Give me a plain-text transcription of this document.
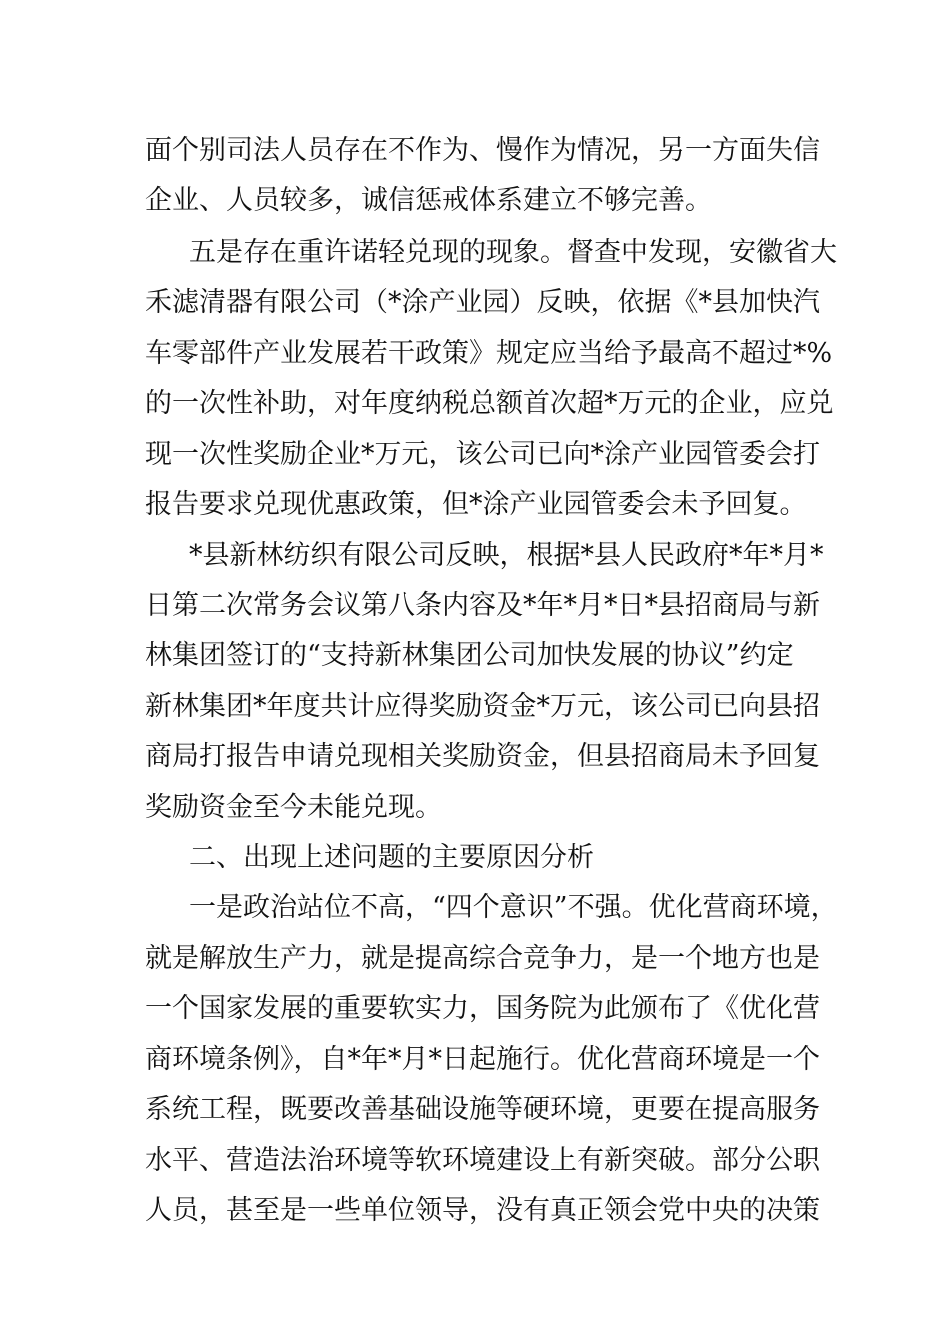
面个别司法人员存在不作为、慢作为情况，另一方面失信
企业、人员较多，诚信惩戒体系建立不够完善。
五是存在重许诺轻兑现的现象。督查中发现，安徽省大
禾滤清器有限公司（*涂产业园）反映，依据《*县加快汽
车零部件产业发展若干政策》规定应当给予最高不超过*%
的一次性补助，对年度纳税总额首次超*万元的企业，应兑
现一次性奖励企业*万元，该公司已向*涂产业园管委会打
报告要求兑现优惠政策，但*涂产业园管委会未予回复。
*县新林纺织有限公司反映，根据*县人民政府*年*月*
日第二次常务会议第八条内容及*年*月*日*县招商局与新
林集团签订的“支持新林集团公司加快发展的协议”约定
新林集团*年度共计应得奖励资金*万元，该公司已向县招
商局打报告申请兑现相关奖励资金，但县招商局未予回复
奖励资金至今未能兑现。
二、出现上述问题的主要原因分析
一是政治站位不高，“四个意识”不强。优化营商环境，
就是解放生产力，就是提高综合竞争力，是一个地方也是
一个国家发展的重要软实力，国务院为此颁布了《优化营
商环境条例》，自*年*月*日起施行。优化营商环境是一个
系统工程，既要改善基础设施等硬环境，更要在提高服务
水平、营造法治环境等软环境建设上有新突破。部分公职
人员，甚至是一些单位领导，没有真正领会党中央的决策
